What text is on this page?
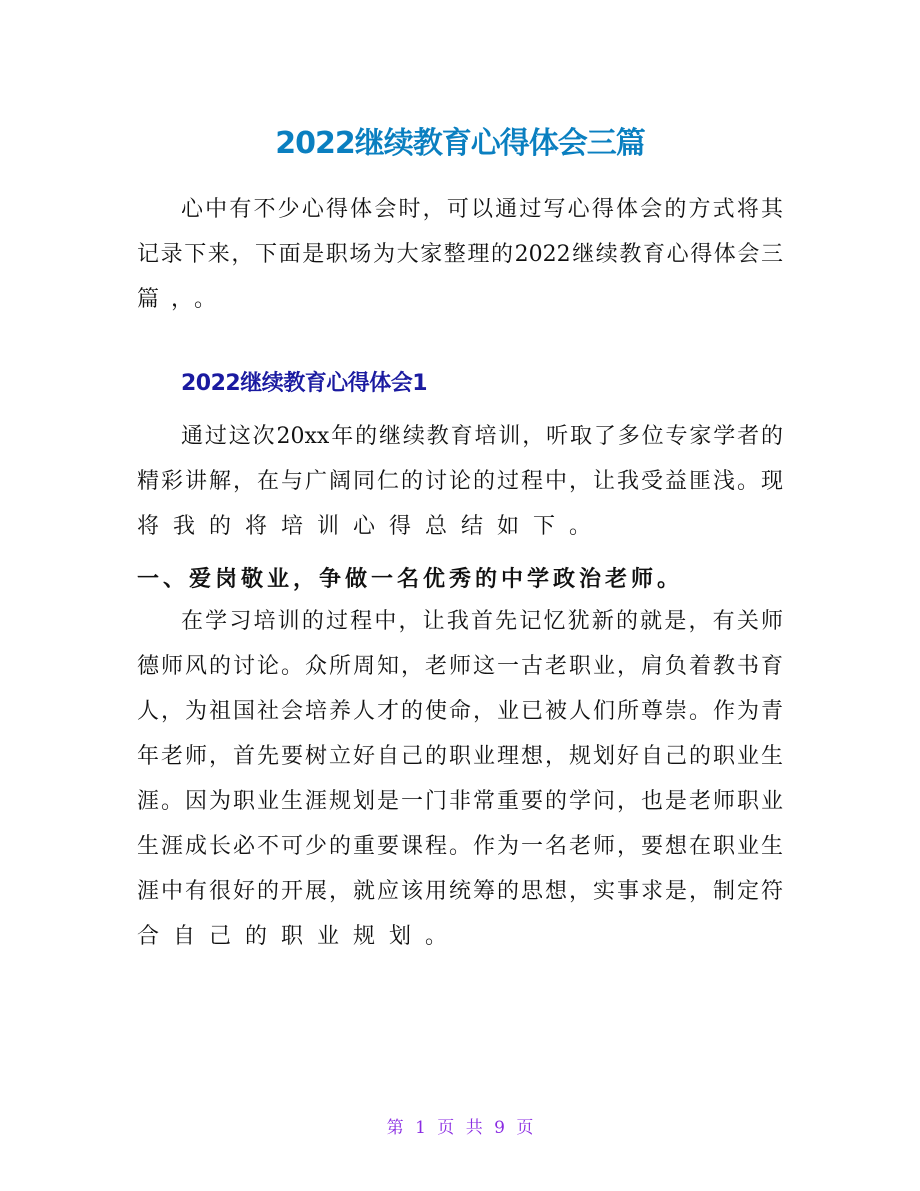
2022继续教育心得体会三篇
心中有不少心得体会时，可以通过写心得体会的方式将其
记录下来，下面是职场为大家整理的2022继续教育心得体会三
篇，。
2022继续教育心得体会1
通过这次20xx年的继续教育培训，听取了多位专家学者的
精彩讲解，在与广阔同仁的讨论的过程中，让我受益匪浅。现
将我的将培训心得总结如下。
一、爱岗敬业，争做一名优秀的中学政治老师。
在学习培训的过程中，让我首先记忆犹新的就是，有关师
德师风的讨论。众所周知，老师这一古老职业，肩负着教书育
人，为祖国社会培养人才的使命，业已被人们所尊崇。作为青
年老师，首先要树立好自己的职业理想，规划好自己的职业生
涯。因为职业生涯规划是一门非常重要的学问，也是老师职业
生涯成长必不可少的重要课程。作为一名老师，要想在职业生
涯中有很好的开展，就应该用统筹的思想，实事求是，制定符
合自己的职业规划。
第 1 页 共 9 页
